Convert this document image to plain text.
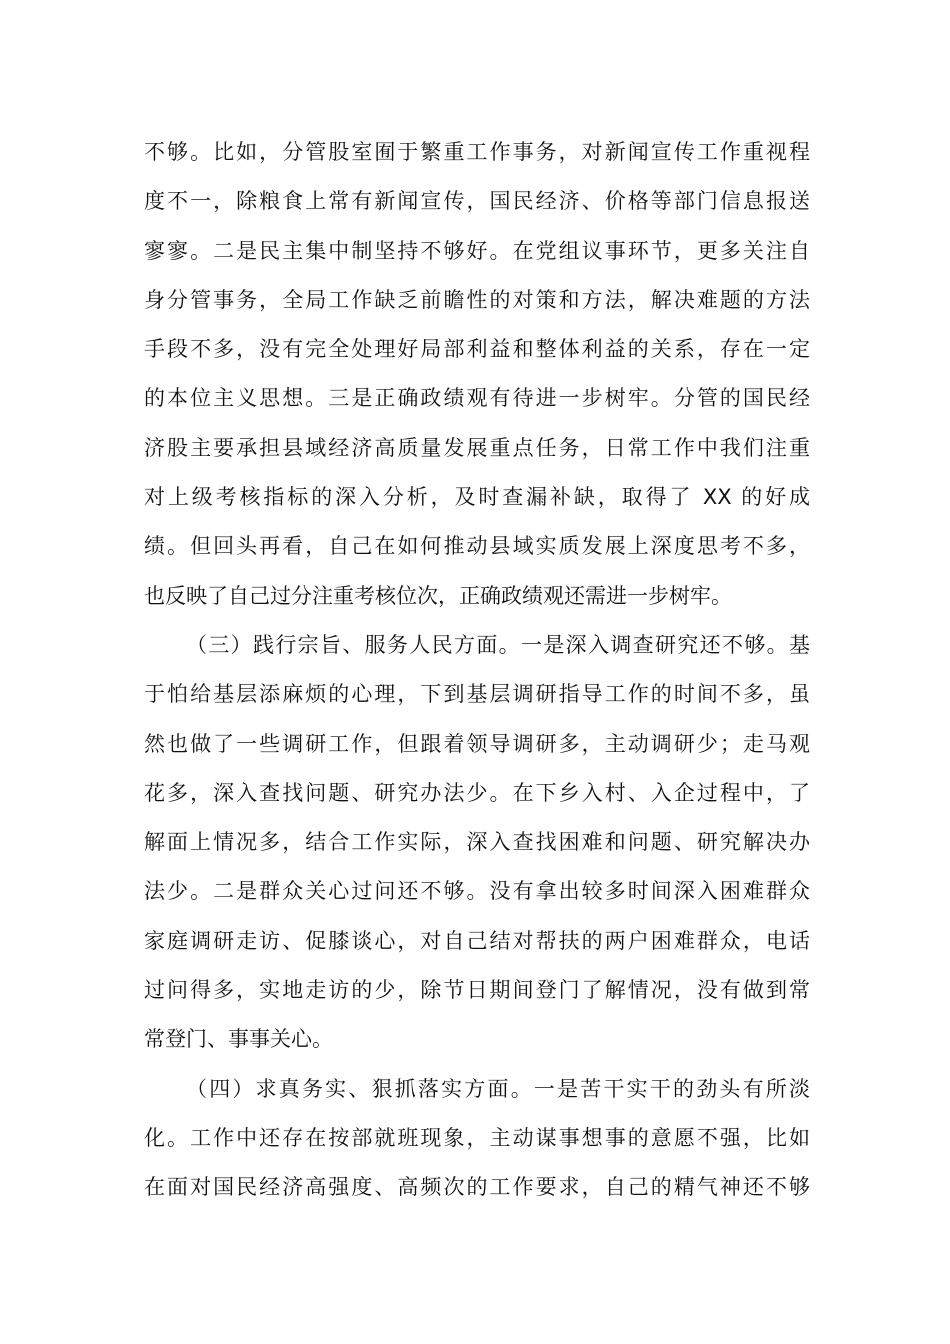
不够。比如，分管股室囿于繁重工作事务，对新闻宣传工作重视程
度不一，除粮食上常有新闻宣传，国民经济、价格等部门信息报送
寥寥。二是民主集中制坚持不够好。在党组议事环节，更多关注自
身分管事务，全局工作缺乏前瞻性的对策和方法，解决难题的方法
手段不多，没有完全处理好局部利益和整体利益的关系，存在一定
的本位主义思想。三是正确政绩观有待进一步树牢。分管的国民经
济股主要承担县域经济高质量发展重点任务，日常工作中我们注重
对上级考核指标的深入分析，及时查漏补缺，取得了 XX 的好成
绩。但回头再看，自己在如何推动县域实质发展上深度思考不多，
也反映了自己过分注重考核位次，正确政绩观还需进一步树牢。
（三）践行宗旨、服务人民方面。一是深入调查研究还不够。基
于怕给基层添麻烦的心理，下到基层调研指导工作的时间不多，虽
然也做了一些调研工作，但跟着领导调研多，主动调研少；走马观
花多，深入查找问题、研究办法少。在下乡入村、入企过程中，了
解面上情况多，结合工作实际，深入查找困难和问题、研究解决办
法少。二是群众关心过问还不够。没有拿出较多时间深入困难群众
家庭调研走访、促膝谈心，对自己结对帮扶的两户困难群众，电话
过问得多，实地走访的少，除节日期间登门了解情况，没有做到常
常登门、事事关心。
（四）求真务实、狠抓落实方面。一是苦干实干的劲头有所淡
化。工作中还存在按部就班现象，主动谋事想事的意愿不强，比如
在面对国民经济高强度、高频次的工作要求，自己的精气神还不够
